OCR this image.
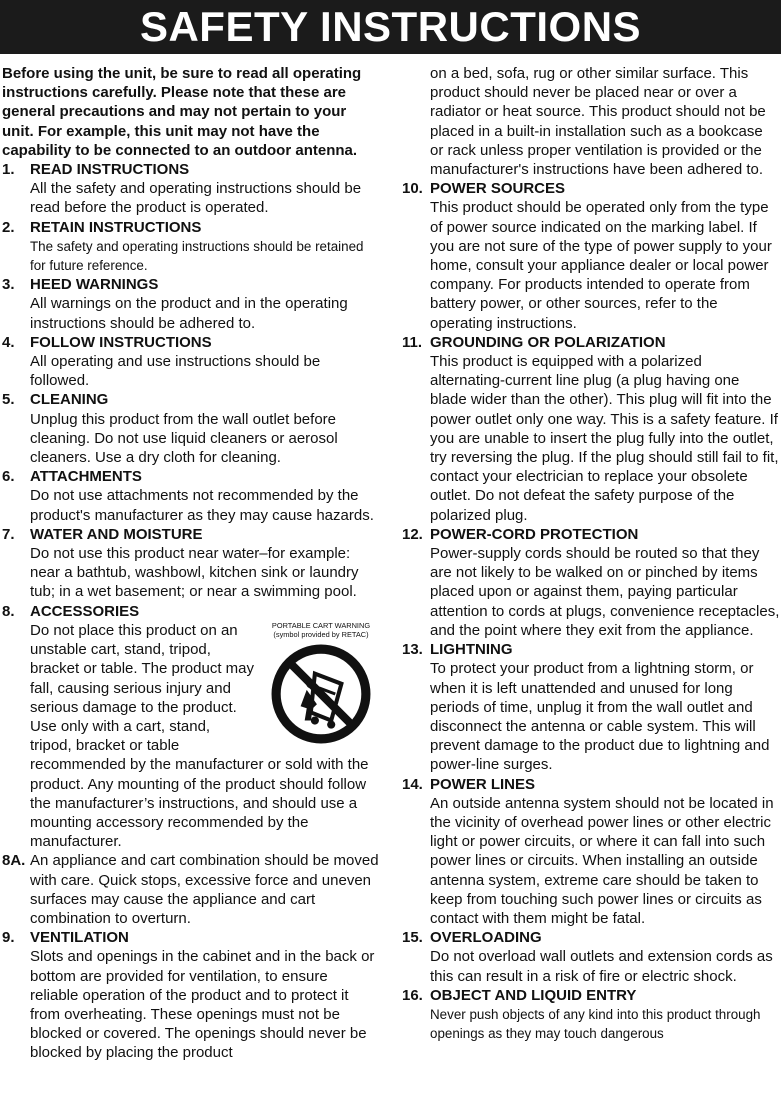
SAFETY INSTRUCTIONS
Before using the unit, be sure to read all operating instructions carefully. Please note that these are general precautions and may not pertain to your unit. For example, this unit may not have the capability to be connected to an outdoor antenna.
1. READ INSTRUCTIONS
All the safety and operating instructions should be read before the product is operated.
2. RETAIN INSTRUCTIONS
The safety and operating instructions should be retained for future reference.
3. HEED WARNINGS
All warnings on the product and in the operating instructions should be adhered to.
4. FOLLOW INSTRUCTIONS
All operating and use instructions should be followed.
5. CLEANING
Unplug this product from the wall outlet before cleaning. Do not use liquid cleaners or aerosol cleaners. Use a dry cloth for cleaning.
6. ATTACHMENTS
Do not use attachments not recommended by the product's manufacturer as they may cause hazards.
7. WATER AND MOISTURE
Do not use this product near water–for example: near a bathtub, washbowl, kitchen sink or laundry tub; in a wet basement; or near a swimming pool.
8. ACCESSORIES
PORTABLE CART WARNING
(symbol provided by RETAC)
Do not place this product on an unstable cart, stand, tripod, bracket or table. The product may fall, causing serious injury and serious damage to the product. Use only with a cart, stand, tripod, bracket or table recommended by the manufacturer or sold with the product. Any mounting of the product should follow the manufacturer’s instructions, and should use a mounting accessory recommended by the manufacturer.
8A. An appliance and cart combination should be moved with care. Quick stops, excessive force and uneven surfaces may cause the appliance and cart combination to overturn.
9. VENTILATION
Slots and openings in the cabinet and in the back or bottom are provided for ventilation, to ensure reliable operation of the product and to protect it from overheating. These openings must not be blocked or covered. The openings should never be blocked by placing the product
on a bed, sofa, rug or other similar surface. This product should never be placed near or over a radiator or heat source. This product should not be placed in a built-in installation such as a bookcase or rack unless proper ventilation is provided or the manufacturer's instructions have been adhered to.
10. POWER SOURCES
This product should be operated only from the type of power source indicated on the marking label. If you are not sure of the type of power supply to your home, consult your appliance dealer or local power company. For products intended to operate from battery power, or other sources, refer to the operating instructions.
11. GROUNDING OR POLARIZATION
This product is equipped with a polarized alternating-current line plug (a plug having one blade wider than the other). This plug will fit into the power outlet only one way. This is a safety feature. If you are unable to insert the plug fully into the outlet, try reversing the plug. If the plug should still fail to fit, contact your electrician to replace your obsolete outlet. Do not defeat the safety purpose of the polarized plug.
12. POWER-CORD PROTECTION
Power-supply cords should be routed so that they are not likely to be walked on or pinched by items placed upon or against them, paying particular attention to cords at plugs, convenience receptacles, and the point where they exit from the appliance.
13. LIGHTNING
To protect your product from a lightning storm, or when it is left unattended and unused for long periods of time, unplug it from the wall outlet and disconnect the antenna or cable system. This will prevent damage to the product due to lightning and power-line surges.
14. POWER LINES
An outside antenna system should not be located in the vicinity of overhead power lines or other electric light or power circuits, or where it can fall into such power lines or circuits. When installing an outside antenna system, extreme care should be taken to keep from touching such power lines or circuits as contact with them might be fatal.
15. OVERLOADING
Do not overload wall outlets and extension cords as this can result in a risk of fire or electric shock.
16. OBJECT AND LIQUID ENTRY
Never push objects of any kind into this product through openings as they may touch dangerous
